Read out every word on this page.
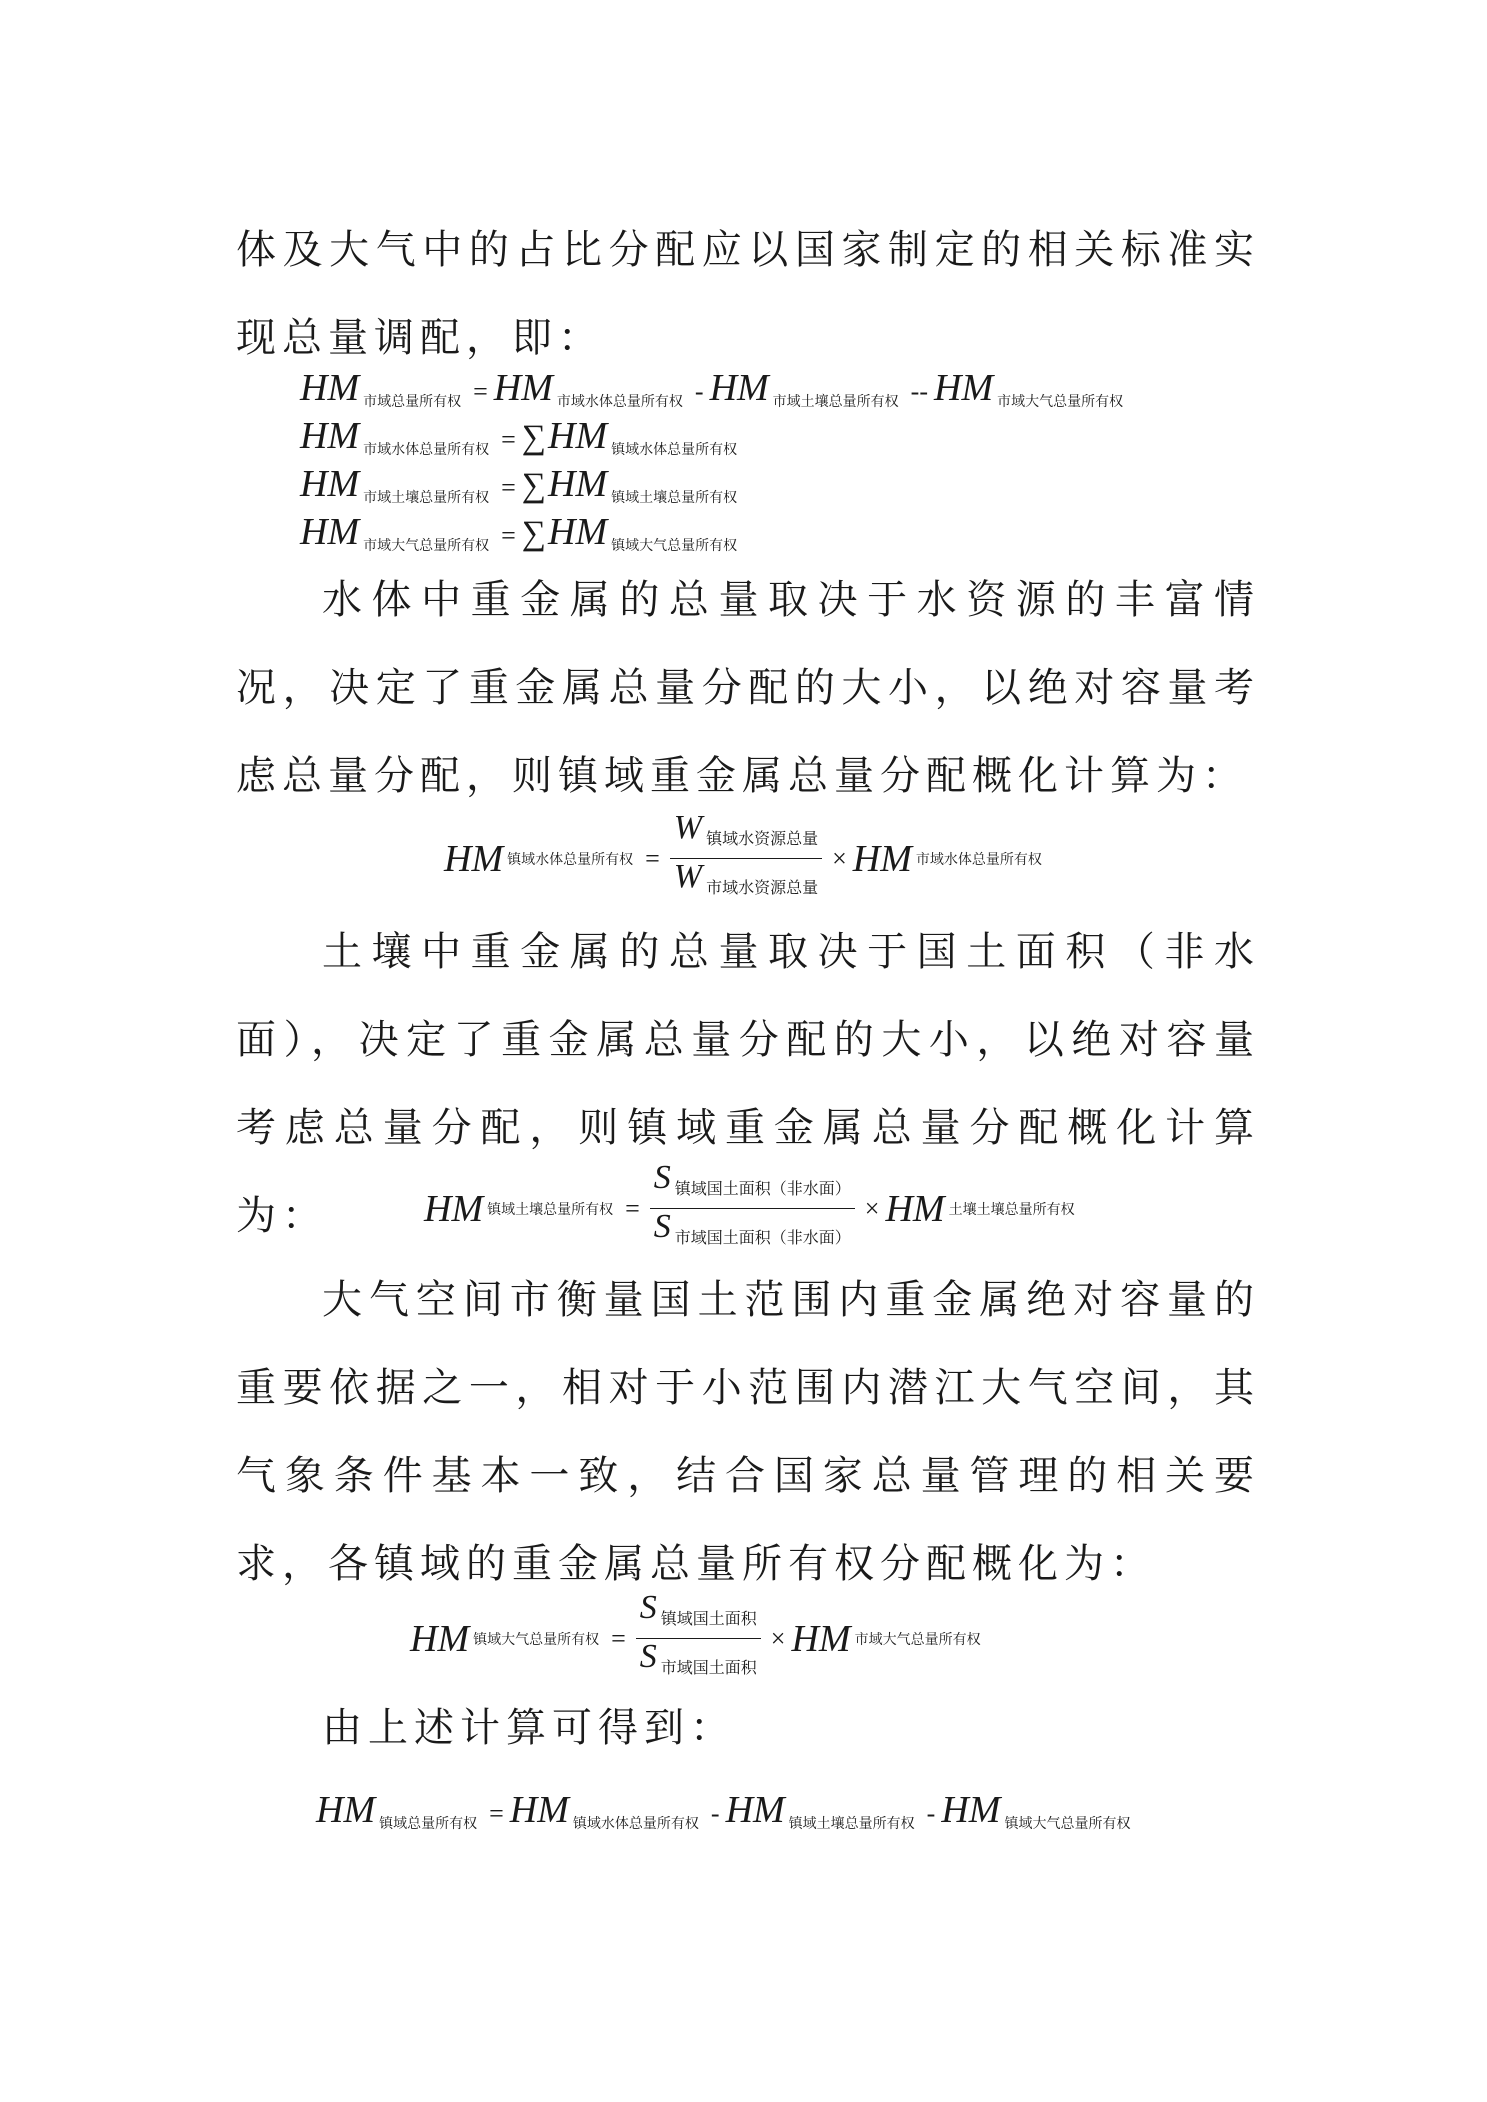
体及大气中的占比分配应以国家制定的相关标准实现总量调配，即：

HM 市域总量所有权 = HM 市域水体总量所有权 - HM 市域土壤总量所有权 -- HM 市域大气总量所有权
HM 市域水体总量所有权 = ∑HM 镇域水体总量所有权
HM 市域土壤总量所有权 = ∑HM 镇域土壤总量所有权
HM 市域大气总量所有权 = ∑HM 镇域大气总量所有权

水体中重金属的总量取决于水资源的丰富情况，决定了重金属总量分配的大小，以绝对容量考虑总量分配，则镇域重金属总量分配概化计算为：

HM 镇域水体总量所有权 = $\frac{\text{W 镇域水资源总量}}{\text{W 市域水资源总量}}$ × HM 市域水体总量所有权

土壤中重金属的总量取决于国土面积（非水面），决定了重金属总量分配的大小，以绝对容量考虑总量分配，则镇域重金属总量分配概化计算为：	HM 镇域土壤总量所有权 = $\frac{\text{S 镇域国土面积（非水面）}}{\text{S 市域国土面积（非水面）}}$ × HM 土壤土壤总量所有权

大气空间市衡量国土范围内重金属绝对容量的重要依据之一，相对于小范围内潜江大气空间，其气象条件基本一致，结合国家总量管理的相关要求，各镇域的重金属总量所有权分配概化为：

HM 镇域大气总量所有权 = $\frac{\text{S 镇域国土面积}}{\text{S 市域国土面积}}$ × HM 市域大气总量所有权

由上述计算可得到：

HM 镇域总量所有权 = HM 镇域水体总量所有权 - HM 镇域土壤总量所有权 - HM 镇域大气总量所有权
